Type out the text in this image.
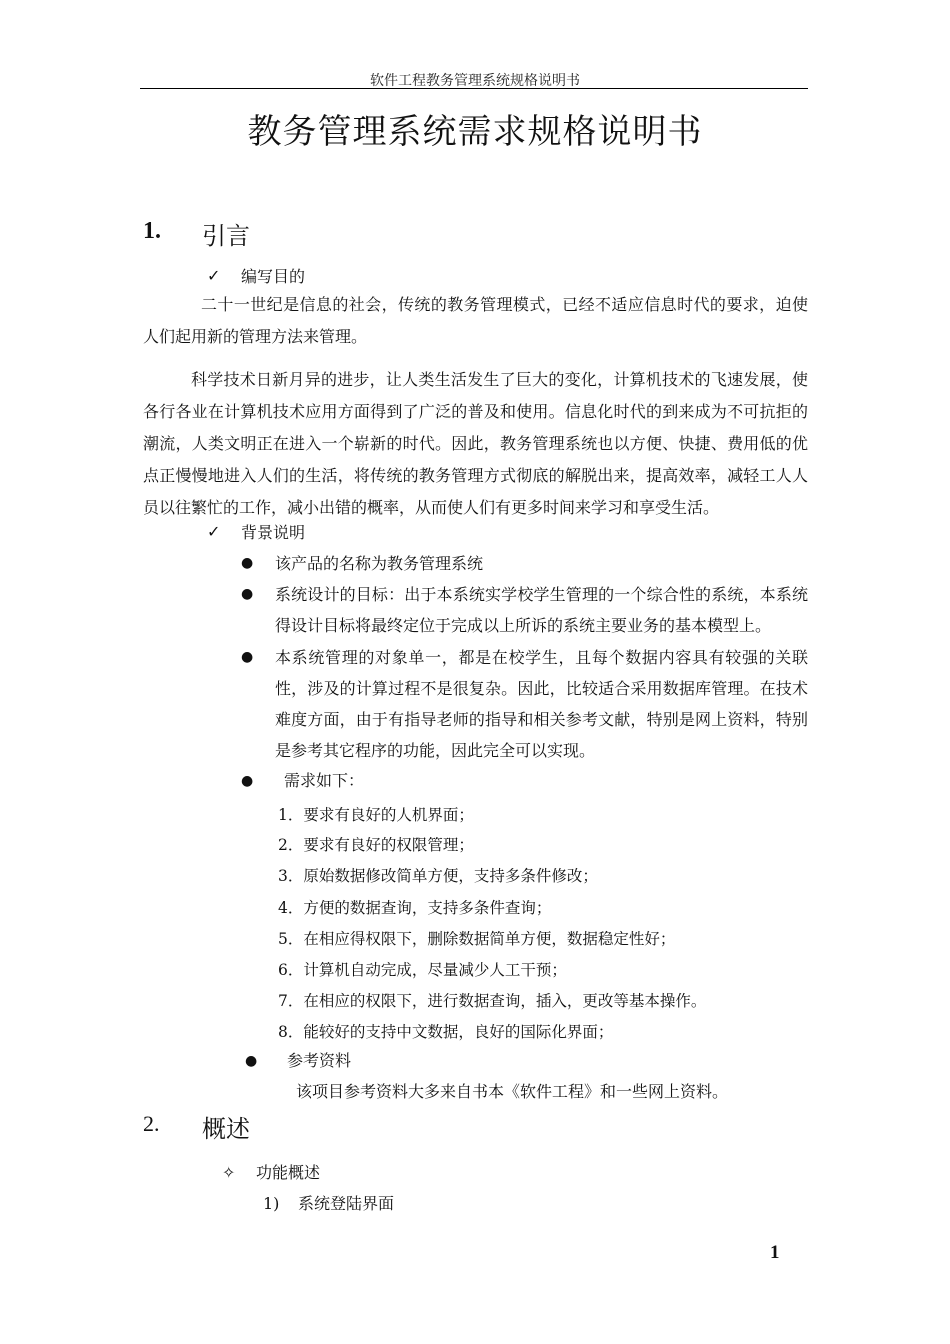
软件工程教务管理系统规格说明书
教务管理系统需求规格说明书
1. 引言
✓ 编写目的
二十一世纪是信息的社会，传统的教务管理模式，已经不适应信息时代的要求，迫使人们起用新的管理方法来管理。
科学技术日新月异的进步，让人类生活发生了巨大的变化，计算机技术的飞速发展，使各行各业在计算机技术应用方面得到了广泛的普及和使用。信息化时代的到来成为不可抗拒的潮流，人类文明正在进入一个崭新的时代。因此，教务管理系统也以方便、快捷、费用低的优点正慢慢地进入人们的生活，将传统的教务管理方式彻底的解脱出来，提高效率，减轻工人人员以往繁忙的工作，减小出错的概率，从而使人们有更多时间来学习和享受生活。
✓ 背景说明
● 该产品的名称为教务管理系统
● 系统设计的目标：出于本系统实学校学生管理的一个综合性的系统，本系统得设计目标将最终定位于完成以上所诉的系统主要业务的基本模型上。
● 本系统管理的对象单一，都是在校学生，且每个数据内容具有较强的关联性，涉及的计算过程不是很复杂。因此，比较适合采用数据库管理。在技术难度方面，由于有指导老师的指导和相关参考文献，特别是网上资料，特别是参考其它程序的功能，因此完全可以实现。
● 需求如下：
1．要求有良好的人机界面；
2．要求有良好的权限管理；
3．原始数据修改简单方便，支持多条件修改；
4．方便的数据查询，支持多条件查询；
5．在相应得权限下，删除数据简单方便，数据稳定性好；
6．计算机自动完成，尽量减少人工干预；
7．在相应的权限下，进行数据查询，插入，更改等基本操作。
8．能较好的支持中文数据，良好的国际化界面；
● 参考资料
该项目参考资料大多来自书本《软件工程》和一些网上资料。
2. 概述
✧ 功能概述
1) 系统登陆界面
1
